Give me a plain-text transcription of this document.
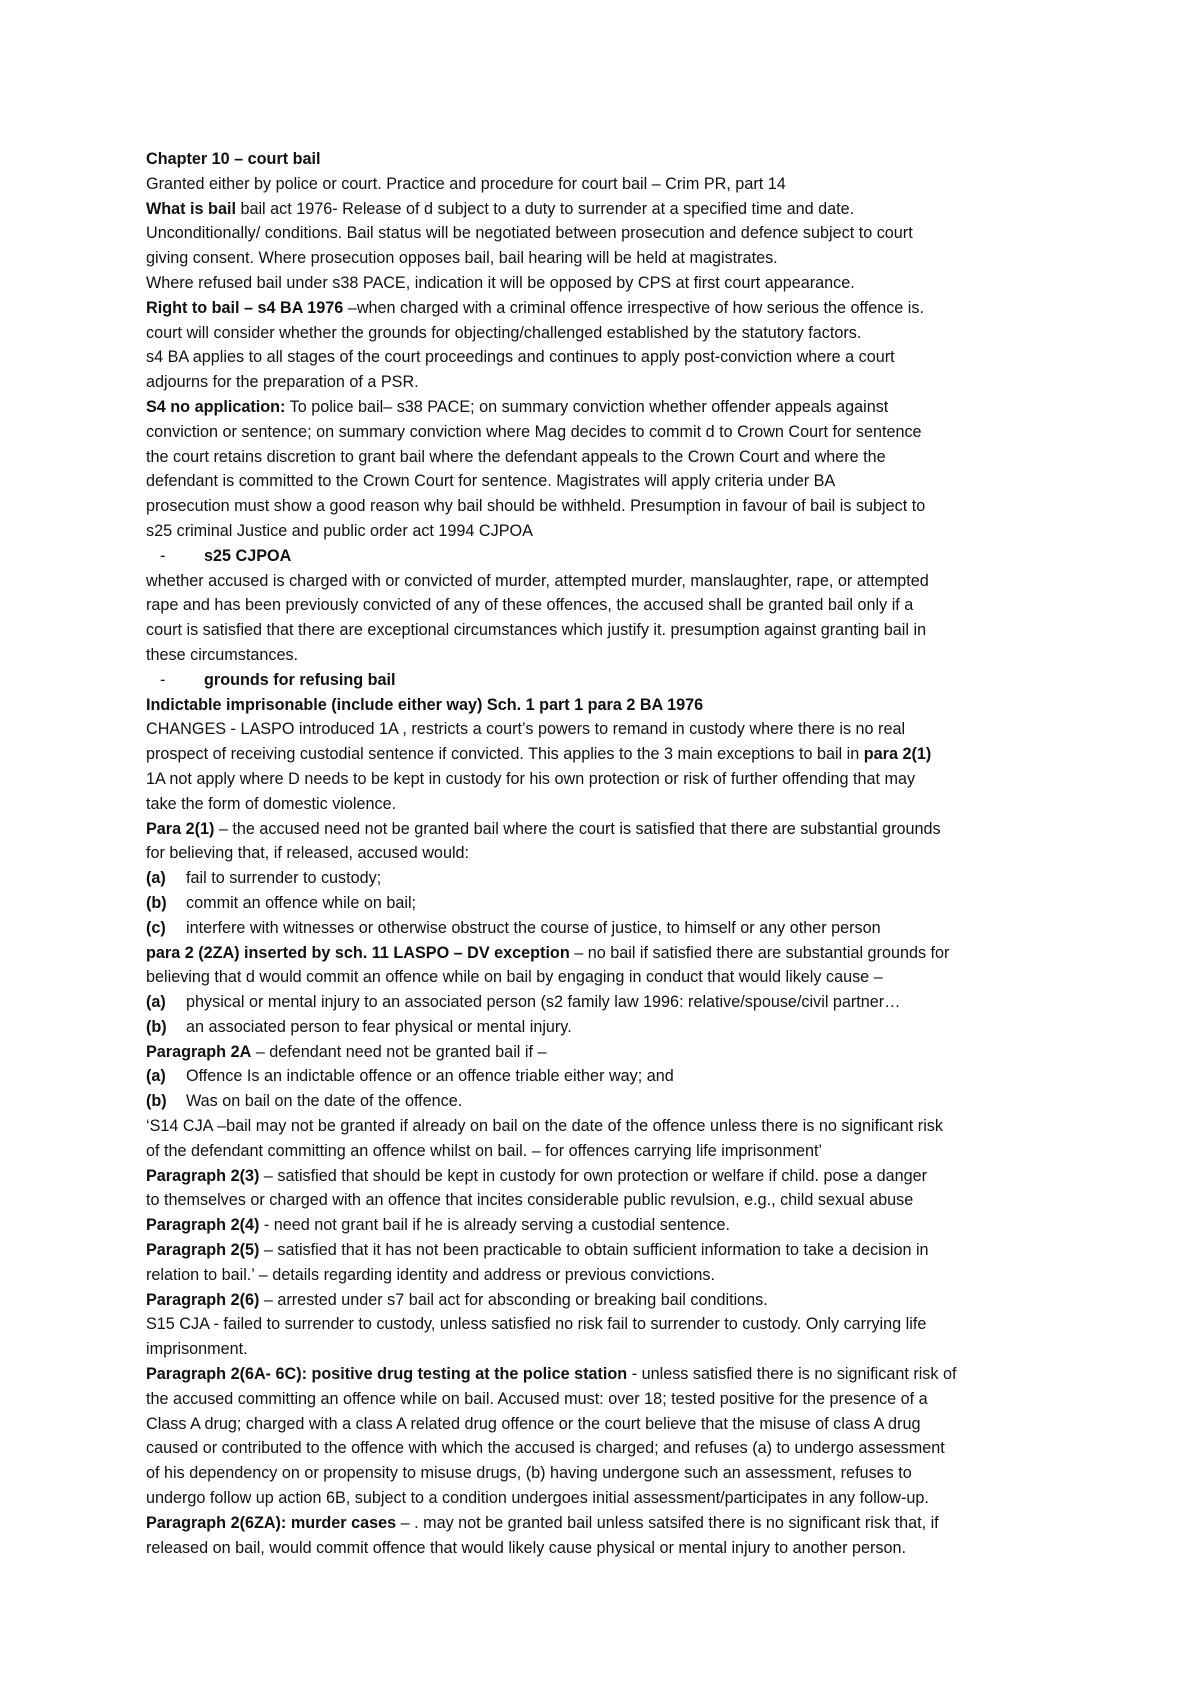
Chapter 10 – court bail
Granted either by police or court. Practice and procedure for court bail – Crim PR, part 14
What is bail bail act 1976- Release of d subject to a duty to surrender at a specified time and date.
Unconditionally/ conditions. Bail status will be negotiated between prosecution and defence subject to court
giving consent. Where prosecution opposes bail, bail hearing will be held at magistrates.
Where refused bail under s38 PACE, indication it will be opposed by CPS at first court appearance.
Right to bail – s4 BA 1976 –when charged with a criminal offence irrespective of how serious the offence is.
court will consider whether the grounds for objecting/challenged established by the statutory factors.
s4 BA applies to all stages of the court proceedings and continues to apply post-conviction where a court
adjourns for the preparation of a PSR.
S4 no application: To police bail– s38 PACE; on summary conviction whether offender appeals against
conviction or sentence; on summary conviction where Mag decides to commit d to Crown Court for sentence
the court retains discretion to grant bail where the defendant appeals to the Crown Court and where the
defendant is committed to the Crown Court for sentence. Magistrates will apply criteria under BA
prosecution must show a good reason why bail should be withheld. Presumption in favour of bail is subject to
s25 criminal Justice and public order act 1994 CJPOA
- s25 CJPOA
whether accused is charged with or convicted of murder, attempted murder, manslaughter, rape, or attempted
rape and has been previously convicted of any of these offences, the accused shall be granted bail only if a
court is satisfied that there are exceptional circumstances which justify it. presumption against granting bail in
these circumstances.
- grounds for refusing bail
Indictable imprisonable (include either way) Sch. 1 part 1 para 2 BA 1976
CHANGES - LASPO introduced 1A , restricts a court’s powers to remand in custody where there is no real
prospect of receiving custodial sentence if convicted. This applies to the 3 main exceptions to bail in para 2(1)
1A not apply where D needs to be kept in custody for his own protection or risk of further offending that may
take the form of domestic violence.
Para 2(1) – the accused need not be granted bail where the court is satisfied that there are substantial grounds
for believing that, if released, accused would:
(a) fail to surrender to custody;
(b) commit an offence while on bail;
(c) interfere with witnesses or otherwise obstruct the course of justice, to himself or any other person
para 2 (2ZA) inserted by sch. 11 LASPO – DV exception – no bail if satisfied there are substantial grounds for
believing that d would commit an offence while on bail by engaging in conduct that would likely cause –
(a) physical or mental injury to an associated person (s2 family law 1996: relative/spouse/civil partner…
(b) an associated person to fear physical or mental injury.
Paragraph 2A – defendant need not be granted bail if –
(a) Offence Is an indictable offence or an offence triable either way; and
(b) Was on bail on the date of the offence.
‘S14 CJA –bail may not be granted if already on bail on the date of the offence unless there is no significant risk
of the defendant committing an offence whilst on bail. – for offences carrying life imprisonment’
Paragraph 2(3) – satisfied that should be kept in custody for own protection or welfare if child. pose a danger
to themselves or charged with an offence that incites considerable public revulsion, e.g., child sexual abuse
Paragraph 2(4) - need not grant bail if he is already serving a custodial sentence.
Paragraph 2(5) – satisfied that it has not been practicable to obtain sufficient information to take a decision in
relation to bail.’ – details regarding identity and address or previous convictions.
Paragraph 2(6) – arrested under s7 bail act for absconding or breaking bail conditions.
S15 CJA - failed to surrender to custody, unless satisfied no risk fail to surrender to custody. Only carrying life
imprisonment.
Paragraph 2(6A- 6C): positive drug testing at the police station - unless satisfied there is no significant risk of
the accused committing an offence while on bail. Accused must: over 18; tested positive for the presence of a
Class A drug; charged with a class A related drug offence or the court believe that the misuse of class A drug
caused or contributed to the offence with which the accused is charged; and refuses (a) to undergo assessment
of his dependency on or propensity to misuse drugs, (b) having undergone such an assessment, refuses to
undergo follow up action 6B, subject to a condition undergoes initial assessment/participates in any follow-up.
Paragraph 2(6ZA): murder cases – . may not be granted bail unless satsifed there is no significant risk that, if
released on bail, would commit offence that would likely cause physical or mental injury to another person.
